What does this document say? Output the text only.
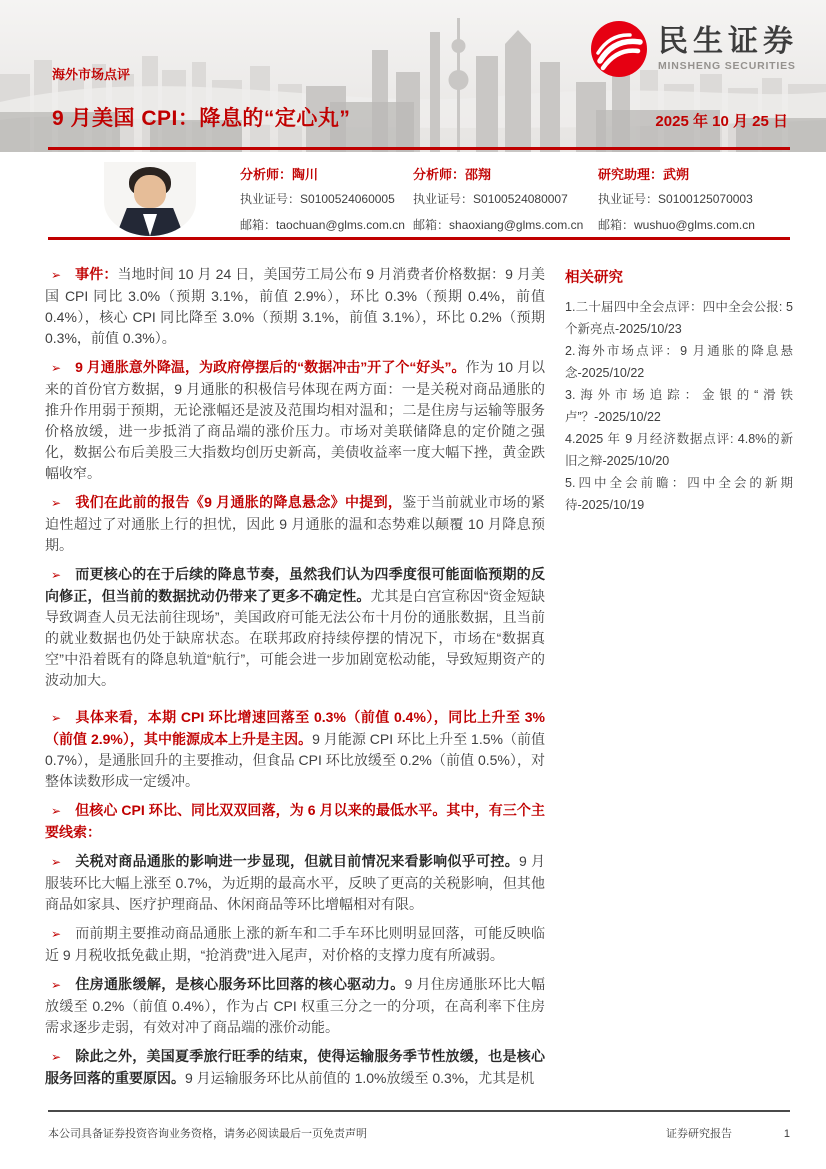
民生证券
MINSHENG SECURITIES
海外市场点评
9 月美国 CPI：降息的“定心丸”	2025 年 10 月 25 日
分析师：陶川
执业证号：S0100524060005
邮箱：taochuan@glms.com.cn
分析师：邵翔
执业证号：S0100524080007
邮箱：shaoxiang@glms.com.cn
研究助理：武朔
执业证号：S0100125070003
邮箱：wushuo@glms.com.cn

➢ 事件：当地时间 10 月 24 日，美国劳工局公布 9 月消费者价格数据：9 月美国 CPI 同比 3.0%（预期 3.1%，前值 2.9%），环比 0.3%（预期 0.4%，前值 0.4%），核心 CPI 同比降至 3.0%（预期 3.1%，前值 3.1%），环比 0.2%（预期 0.3%，前值 0.3%）。

➢ 9 月通胀意外降温，为政府停摆后的“数据冲击”开了个“好头”。作为 10 月以来的首份官方数据，9 月通胀的积极信号体现在两方面：一是关税对商品通胀的推升作用弱于预期，无论涨幅还是波及范围均相对温和；二是住房与运输等服务价格放缓，进一步抵消了商品端的涨价压力。市场对美联储降息的定价随之强化，数据公布后美股三大指数均创历史新高，美债收益率一度大幅下挫，黄金跌幅收窄。

➢ 我们在此前的报告《9 月通胀的降息悬念》中提到，鉴于当前就业市场的紧迫性超过了对通胀上行的担忧，因此 9 月通胀的温和态势难以颠覆 10 月降息预期。

➢ 而更核心的在于后续的降息节奏，虽然我们认为四季度很可能面临预期的反向修正，但当前的数据扰动仍带来了更多不确定性。尤其是白宫宣称因“资金短缺导致调查人员无法前往现场”，美国政府可能无法公布十月份的通胀数据，且当前的就业数据也仍处于缺席状态。在联邦政府持续停摆的情况下，市场在“数据真空”中沿着既有的降息轨道“航行”，可能会进一步加剧宽松动能，导致短期资产的波动加大。

➢ 具体来看，本期 CPI 环比增速回落至 0.3%（前值 0.4%），同比上升至 3%（前值 2.9%），其中能源成本上升是主因。9 月能源 CPI 环比上升至 1.5%（前值 0.7%），是通胀回升的主要推动，但食品 CPI 环比放缓至 0.2%（前值 0.5%），对整体读数形成一定缓冲。

➢ 但核心 CPI 环比、同比双双回落，为 6 月以来的最低水平。其中，有三个主要线索：

➢ 关税对商品通胀的影响进一步显现，但就目前情况来看影响似乎可控。9 月服装环比大幅上涨至 0.7%，为近期的最高水平，反映了更高的关税影响，但其他商品如家具、医疗护理商品、休闲商品等环比增幅相对有限。

➢ 而前期主要推动商品通胀上涨的新车和二手车环比则明显回落，可能反映临近 9 月税收抵免截止期，“抢消费”进入尾声，对价格的支撑力度有所减弱。

➢ 住房通胀缓解，是核心服务环比回落的核心驱动力。9 月住房通胀环比大幅放缓至 0.2%（前值 0.4%），作为占 CPI 权重三分之一的分项，在高利率下住房需求逐步走弱，有效对冲了商品端的涨价动能。

➢ 除此之外，美国夏季旅行旺季的结束，使得运输服务季节性放缓，也是核心服务回落的重要原因。9 月运输服务环比从前值的 1.0%放缓至 0.3%，尤其是机

相关研究
1.二十届四中全会点评：四中全会公报: 5 个新亮点-2025/10/23
2.海外市场点评：9 月通胀的降息悬念-2025/10/22
3.海外市场追踪：金银的“滑铁卢”？-2025/10/22
4.2025 年 9 月经济数据点评: 4.8%的新旧之辩-2025/10/20
5.四中全会前瞻：四中全会的新期待-2025/10/19
本公司具备证券投资咨询业务资格，请务必阅读最后一页免责声明	证券研究报告	1
